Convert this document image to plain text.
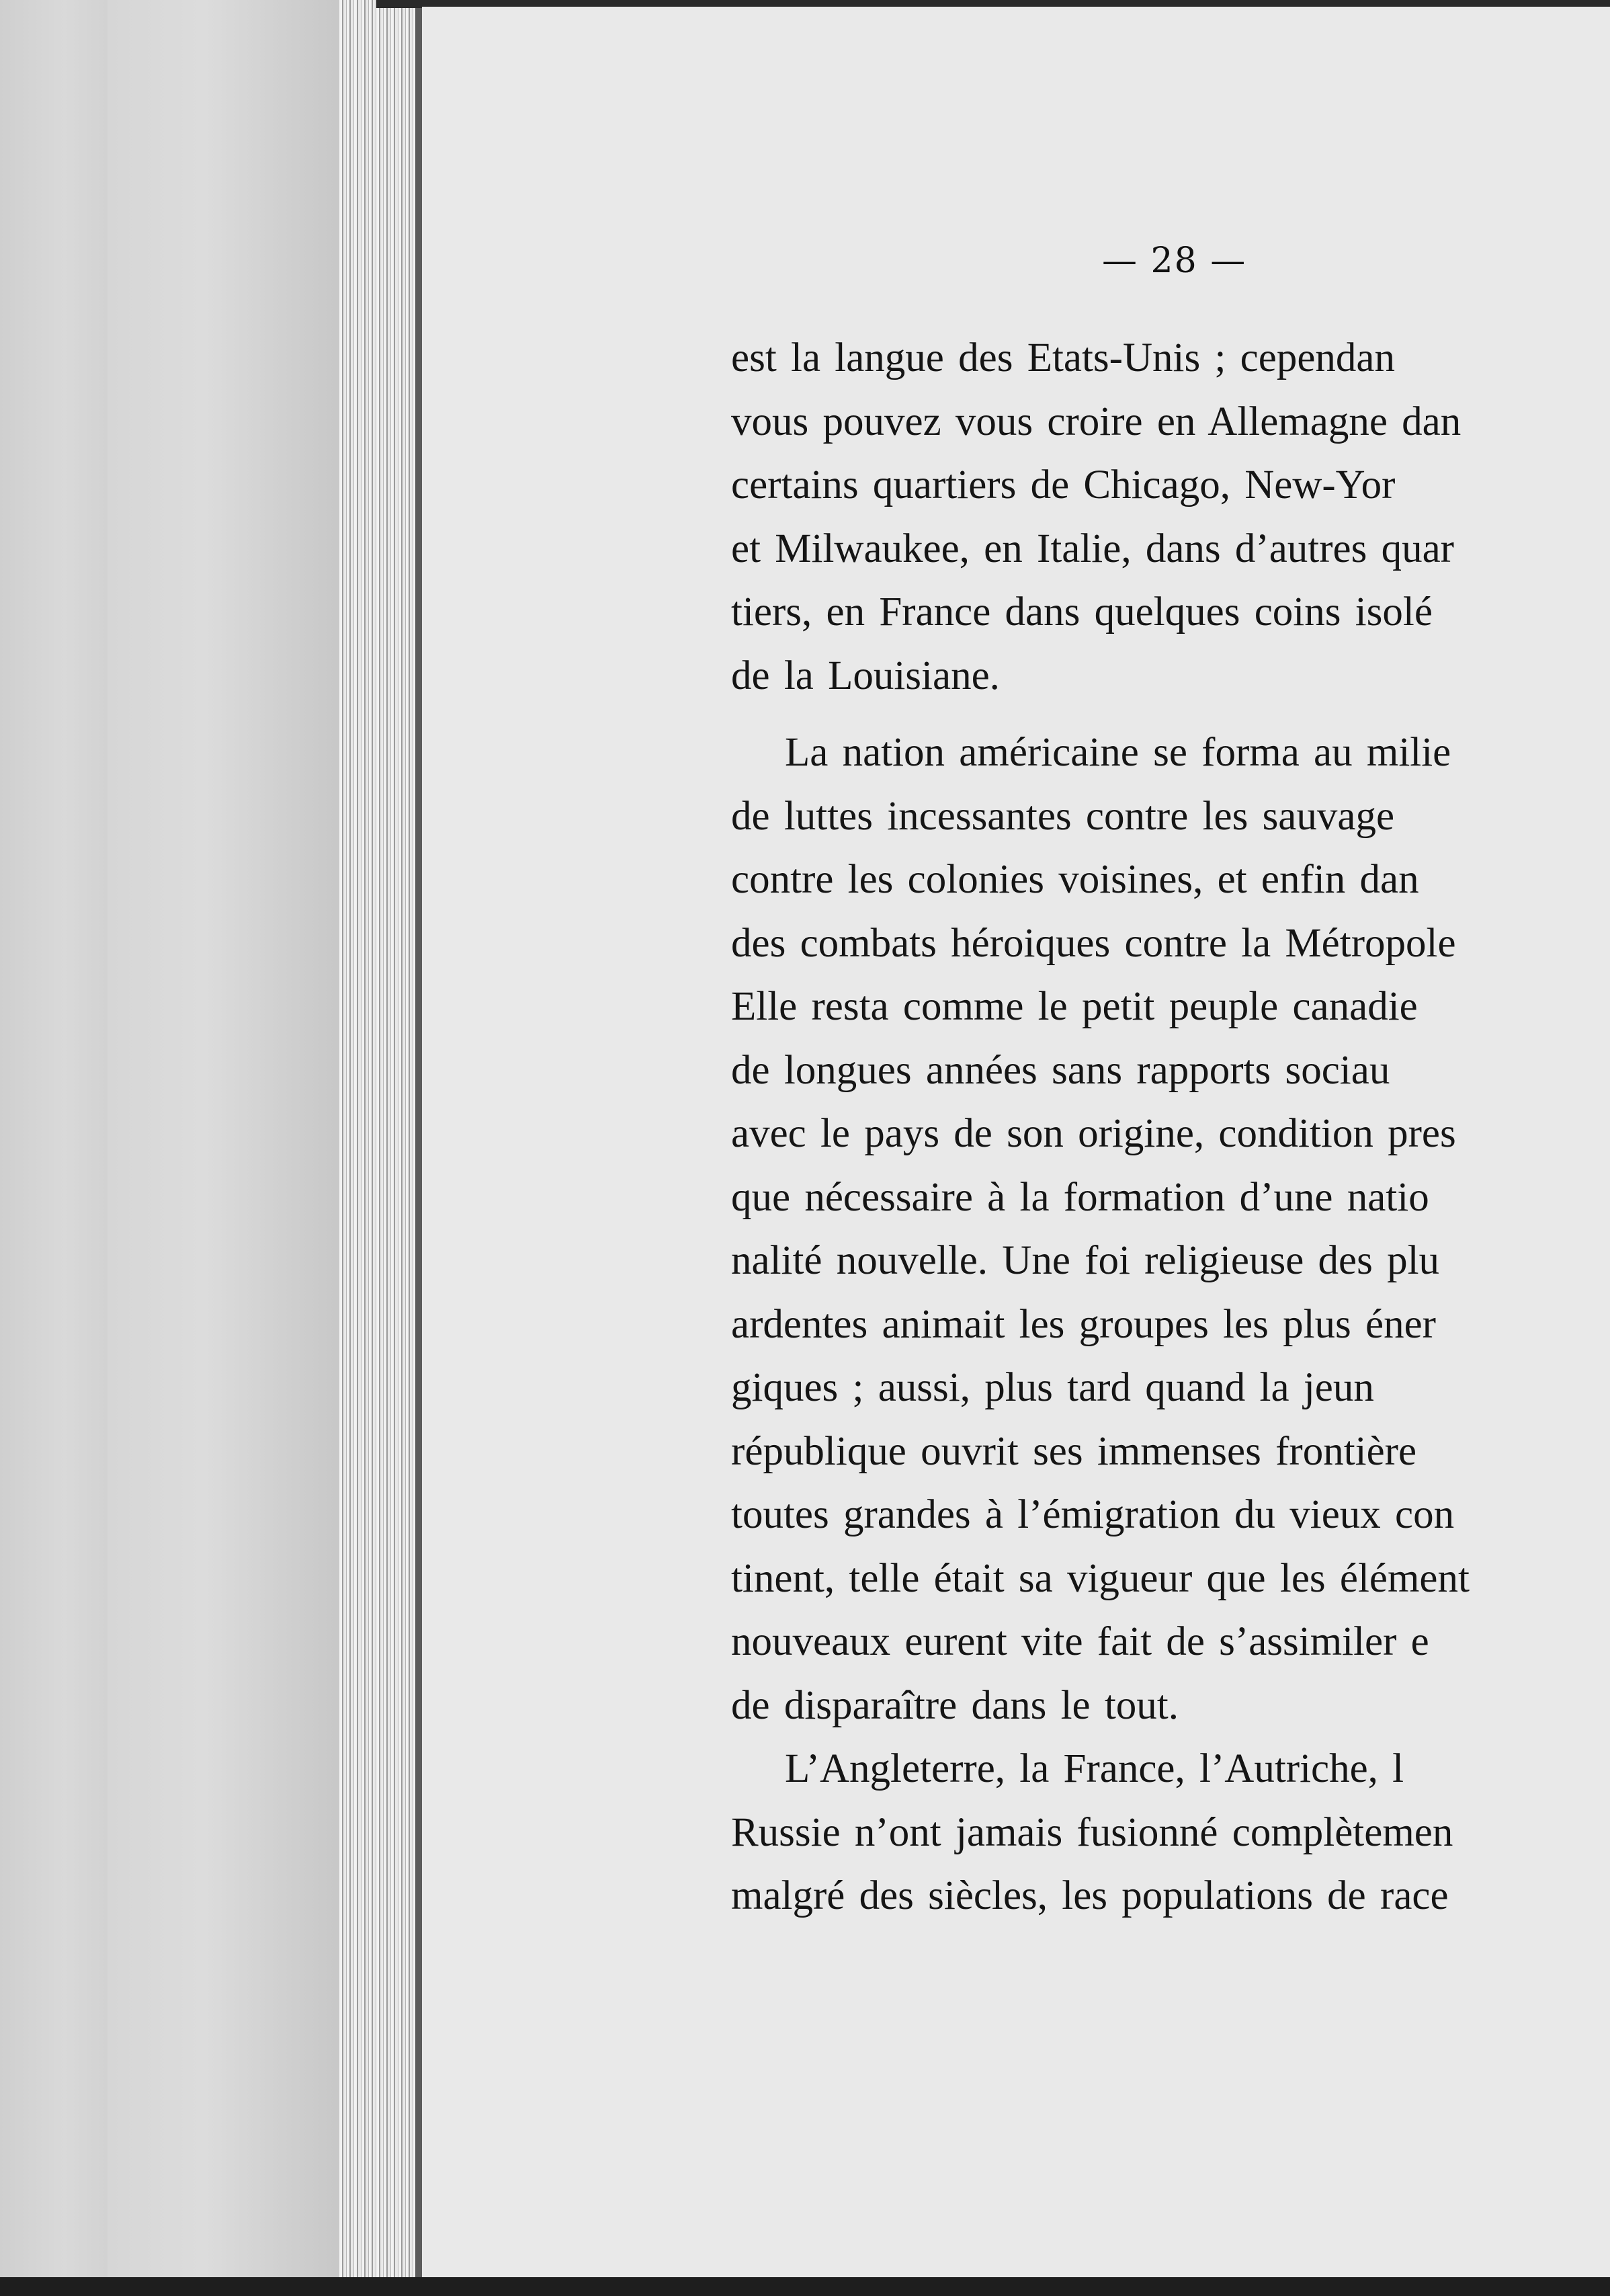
— 28 —
est la langue des Etats-Unis ; cependan
vous pouvez vous croire en Allemagne dan
certains quartiers de Chicago, New-Yor
et Milwaukee, en Italie, dans d’autres quar
tiers, en France dans quelques coins isolé
de la Louisiane.
La nation américaine se forma au milie
de luttes incessantes contre les sauvage
contre les colonies voisines, et enfin dan
des combats héroiques contre la Métropole
Elle resta comme le petit peuple canadie
de longues années sans rapports sociau
avec le pays de son origine, condition pres
que nécessaire à la formation d’une natio
nalité nouvelle. Une foi religieuse des plu
ardentes animait les groupes les plus éner
giques ; aussi, plus tard quand la jeun
république ouvrit ses immenses frontière
toutes grandes à l’émigration du vieux con
tinent, telle était sa vigueur que les élément
nouveaux eurent vite fait de s’assimiler e
de disparaître dans le tout.
L’Angleterre, la France, l’Autriche, l
Russie n’ont jamais fusionné complètemen
malgré des siècles, les populations de race
